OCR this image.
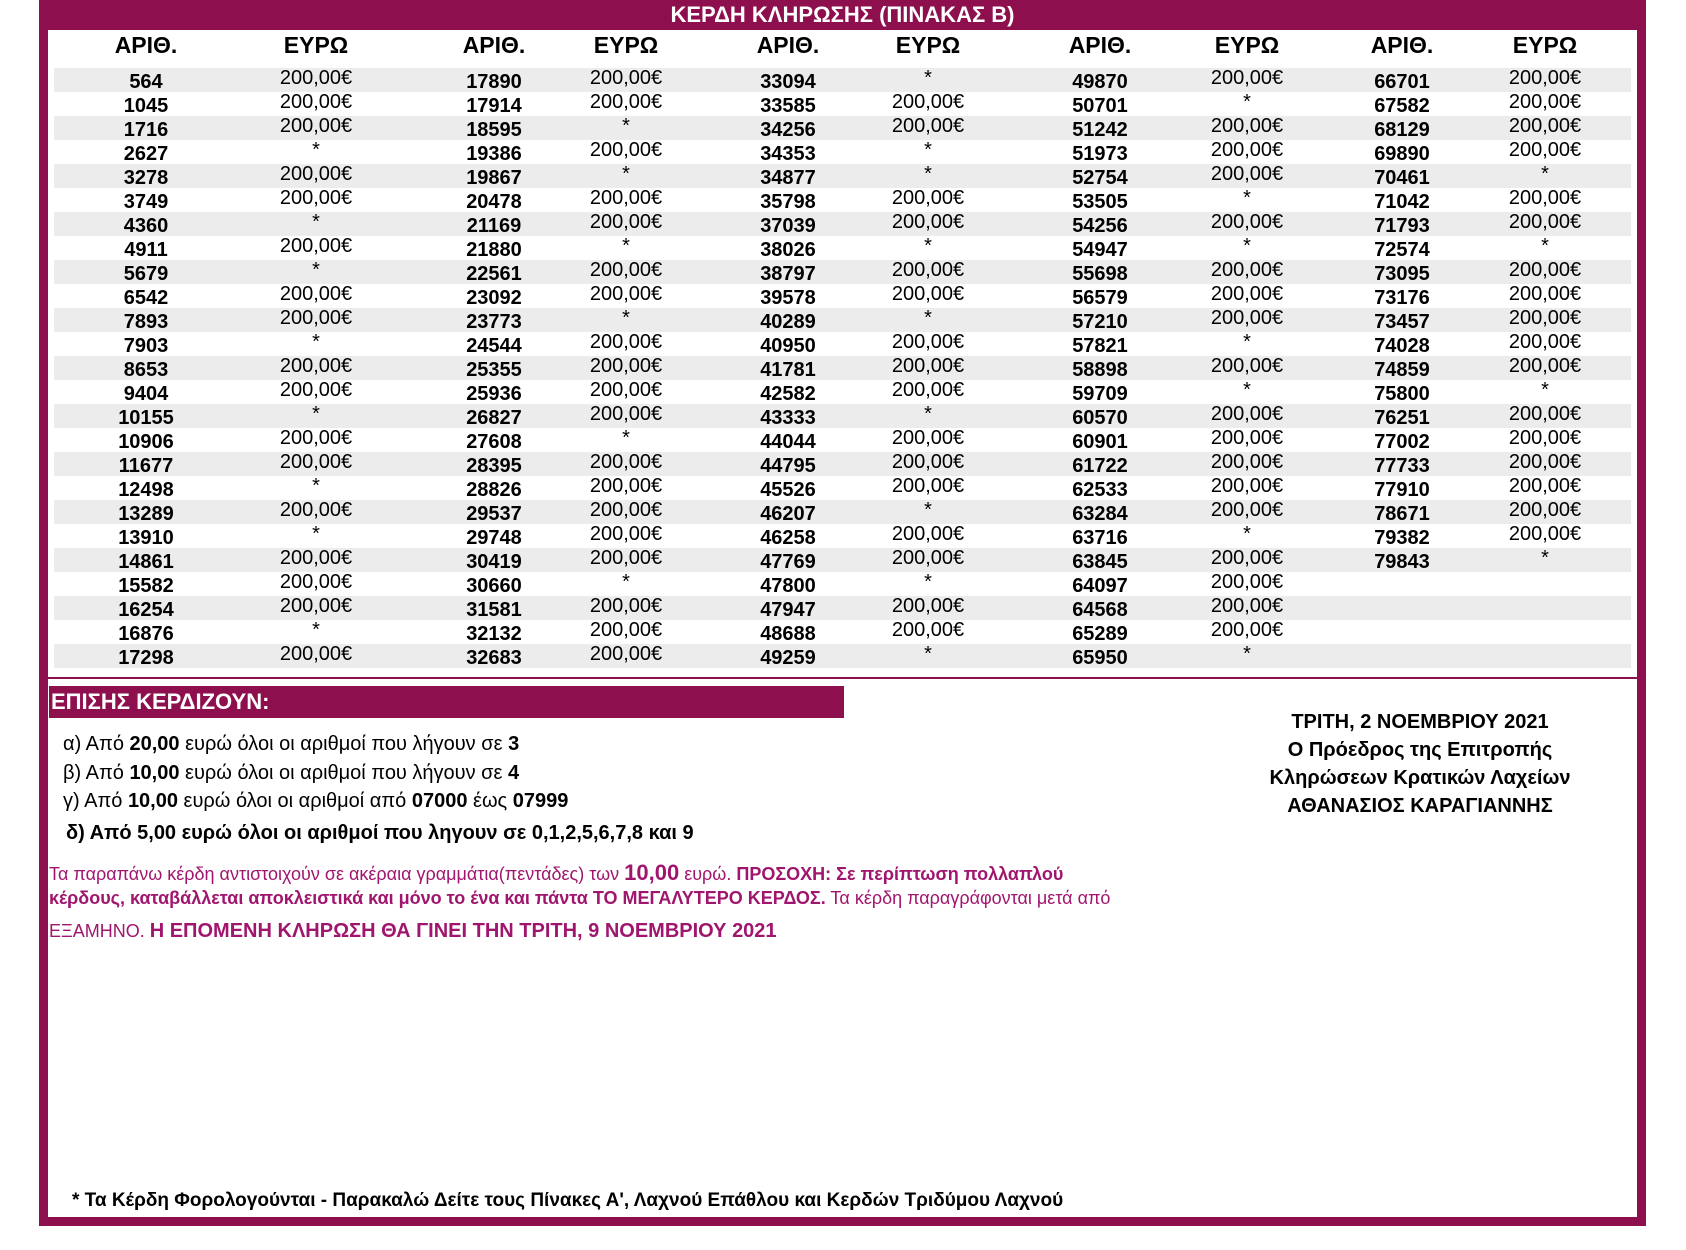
ΚΕΡΔΗ ΚΛΗΡΩΣΗΣ (ΠΙΝΑΚΑΣ Β)
ΑΡΙΘ.	ΕΥΡΩ
564	200,00€
1045	200,00€
1716	200,00€
2627	*
3278	200,00€
3749	200,00€
4360	*
4911	200,00€
5679	*
6542	200,00€
7893	200,00€
7903	*
8653	200,00€
9404	200,00€
10155	*
10906	200,00€
11677	200,00€
12498	*
13289	200,00€
13910	*
14861	200,00€
15582	200,00€
16254	200,00€
16876	*
17298	200,00€
ΑΡΙΘ.	ΕΥΡΩ
17890	200,00€
17914	200,00€
18595	*
19386	200,00€
19867	*
20478	200,00€
21169	200,00€
21880	*
22561	200,00€
23092	200,00€
23773	*
24544	200,00€
25355	200,00€
25936	200,00€
26827	200,00€
27608	*
28395	200,00€
28826	200,00€
29537	200,00€
29748	200,00€
30419	200,00€
30660	*
31581	200,00€
32132	200,00€
32683	200,00€
ΑΡΙΘ.	ΕΥΡΩ
33094	*
33585	200,00€
34256	200,00€
34353	*
34877	*
35798	200,00€
37039	200,00€
38026	*
38797	200,00€
39578	200,00€
40289	*
40950	200,00€
41781	200,00€
42582	200,00€
43333	*
44044	200,00€
44795	200,00€
45526	200,00€
46207	*
46258	200,00€
47769	200,00€
47800	*
47947	200,00€
48688	200,00€
49259	*
ΑΡΙΘ.	ΕΥΡΩ
49870	200,00€
50701	*
51242	200,00€
51973	200,00€
52754	200,00€
53505	*
54256	200,00€
54947	*
55698	200,00€
56579	200,00€
57210	200,00€
57821	*
58898	200,00€
59709	*
60570	200,00€
60901	200,00€
61722	200,00€
62533	200,00€
63284	200,00€
63716	*
63845	200,00€
64097	200,00€
64568	200,00€
65289	200,00€
65950	*
ΑΡΙΘ.	ΕΥΡΩ
66701	200,00€
67582	200,00€
68129	200,00€
69890	200,00€
70461	*
71042	200,00€
71793	200,00€
72574	*
73095	200,00€
73176	200,00€
73457	200,00€
74028	200,00€
74859	200,00€
75800	*
76251	200,00€
77002	200,00€
77733	200,00€
77910	200,00€
78671	200,00€
79382	200,00€
79843	*
ΕΠΙΣΗΣ ΚΕΡΔΙΖΟΥΝ:
α) Από 20,00 ευρώ όλοι οι αριθμοί που λήγουν σε 3
β) Από 10,00 ευρώ όλοι οι αριθμοί που λήγουν σε 4
γ) Από 10,00 ευρώ όλοι οι αριθμοί από 07000 έως 07999
δ) Από 5,00 ευρώ όλοι οι αριθμοί που ληγουν σε 0,1,2,5,6,7,8 και 9
Τα παραπάνω κέρδη αντιστοιχούν σε ακέραια γραμμάτια(πεντάδες) των 10,00 ευρώ. ΠΡΟΣΟΧΗ: Σε περίπτωση πολλαπλού
κέρδους, καταβάλλεται αποκλειστικά και μόνο το ένα και πάντα ΤΟ ΜΕΓΑΛΥΤΕΡΟ ΚΕΡΔΟΣ. Τα κέρδη παραγράφονται μετά από
ΕΞΑΜΗΝΟ. Η ΕΠΟΜΕΝΗ ΚΛΗΡΩΣΗ ΘΑ ΓΙΝΕΙ ΤΗΝ ΤΡΙΤΗ, 9 ΝΟΕΜΒΡΙΟΥ 2021
ΤΡΙΤΗ, 2 ΝΟΕΜΒΡΙΟΥ 2021
Ο Πρόεδρος της Επιτροπής
Κληρώσεων Κρατικών Λαχείων
ΑΘΑΝΑΣΙΟΣ ΚΑΡΑΓΙΑΝΝΗΣ
* Τα Κέρδη Φορολογούνται - Παρακαλώ Δείτε τους Πίνακες Α', Λαχνού Επάθλου και Κερδών Τριδύμου Λαχνού
